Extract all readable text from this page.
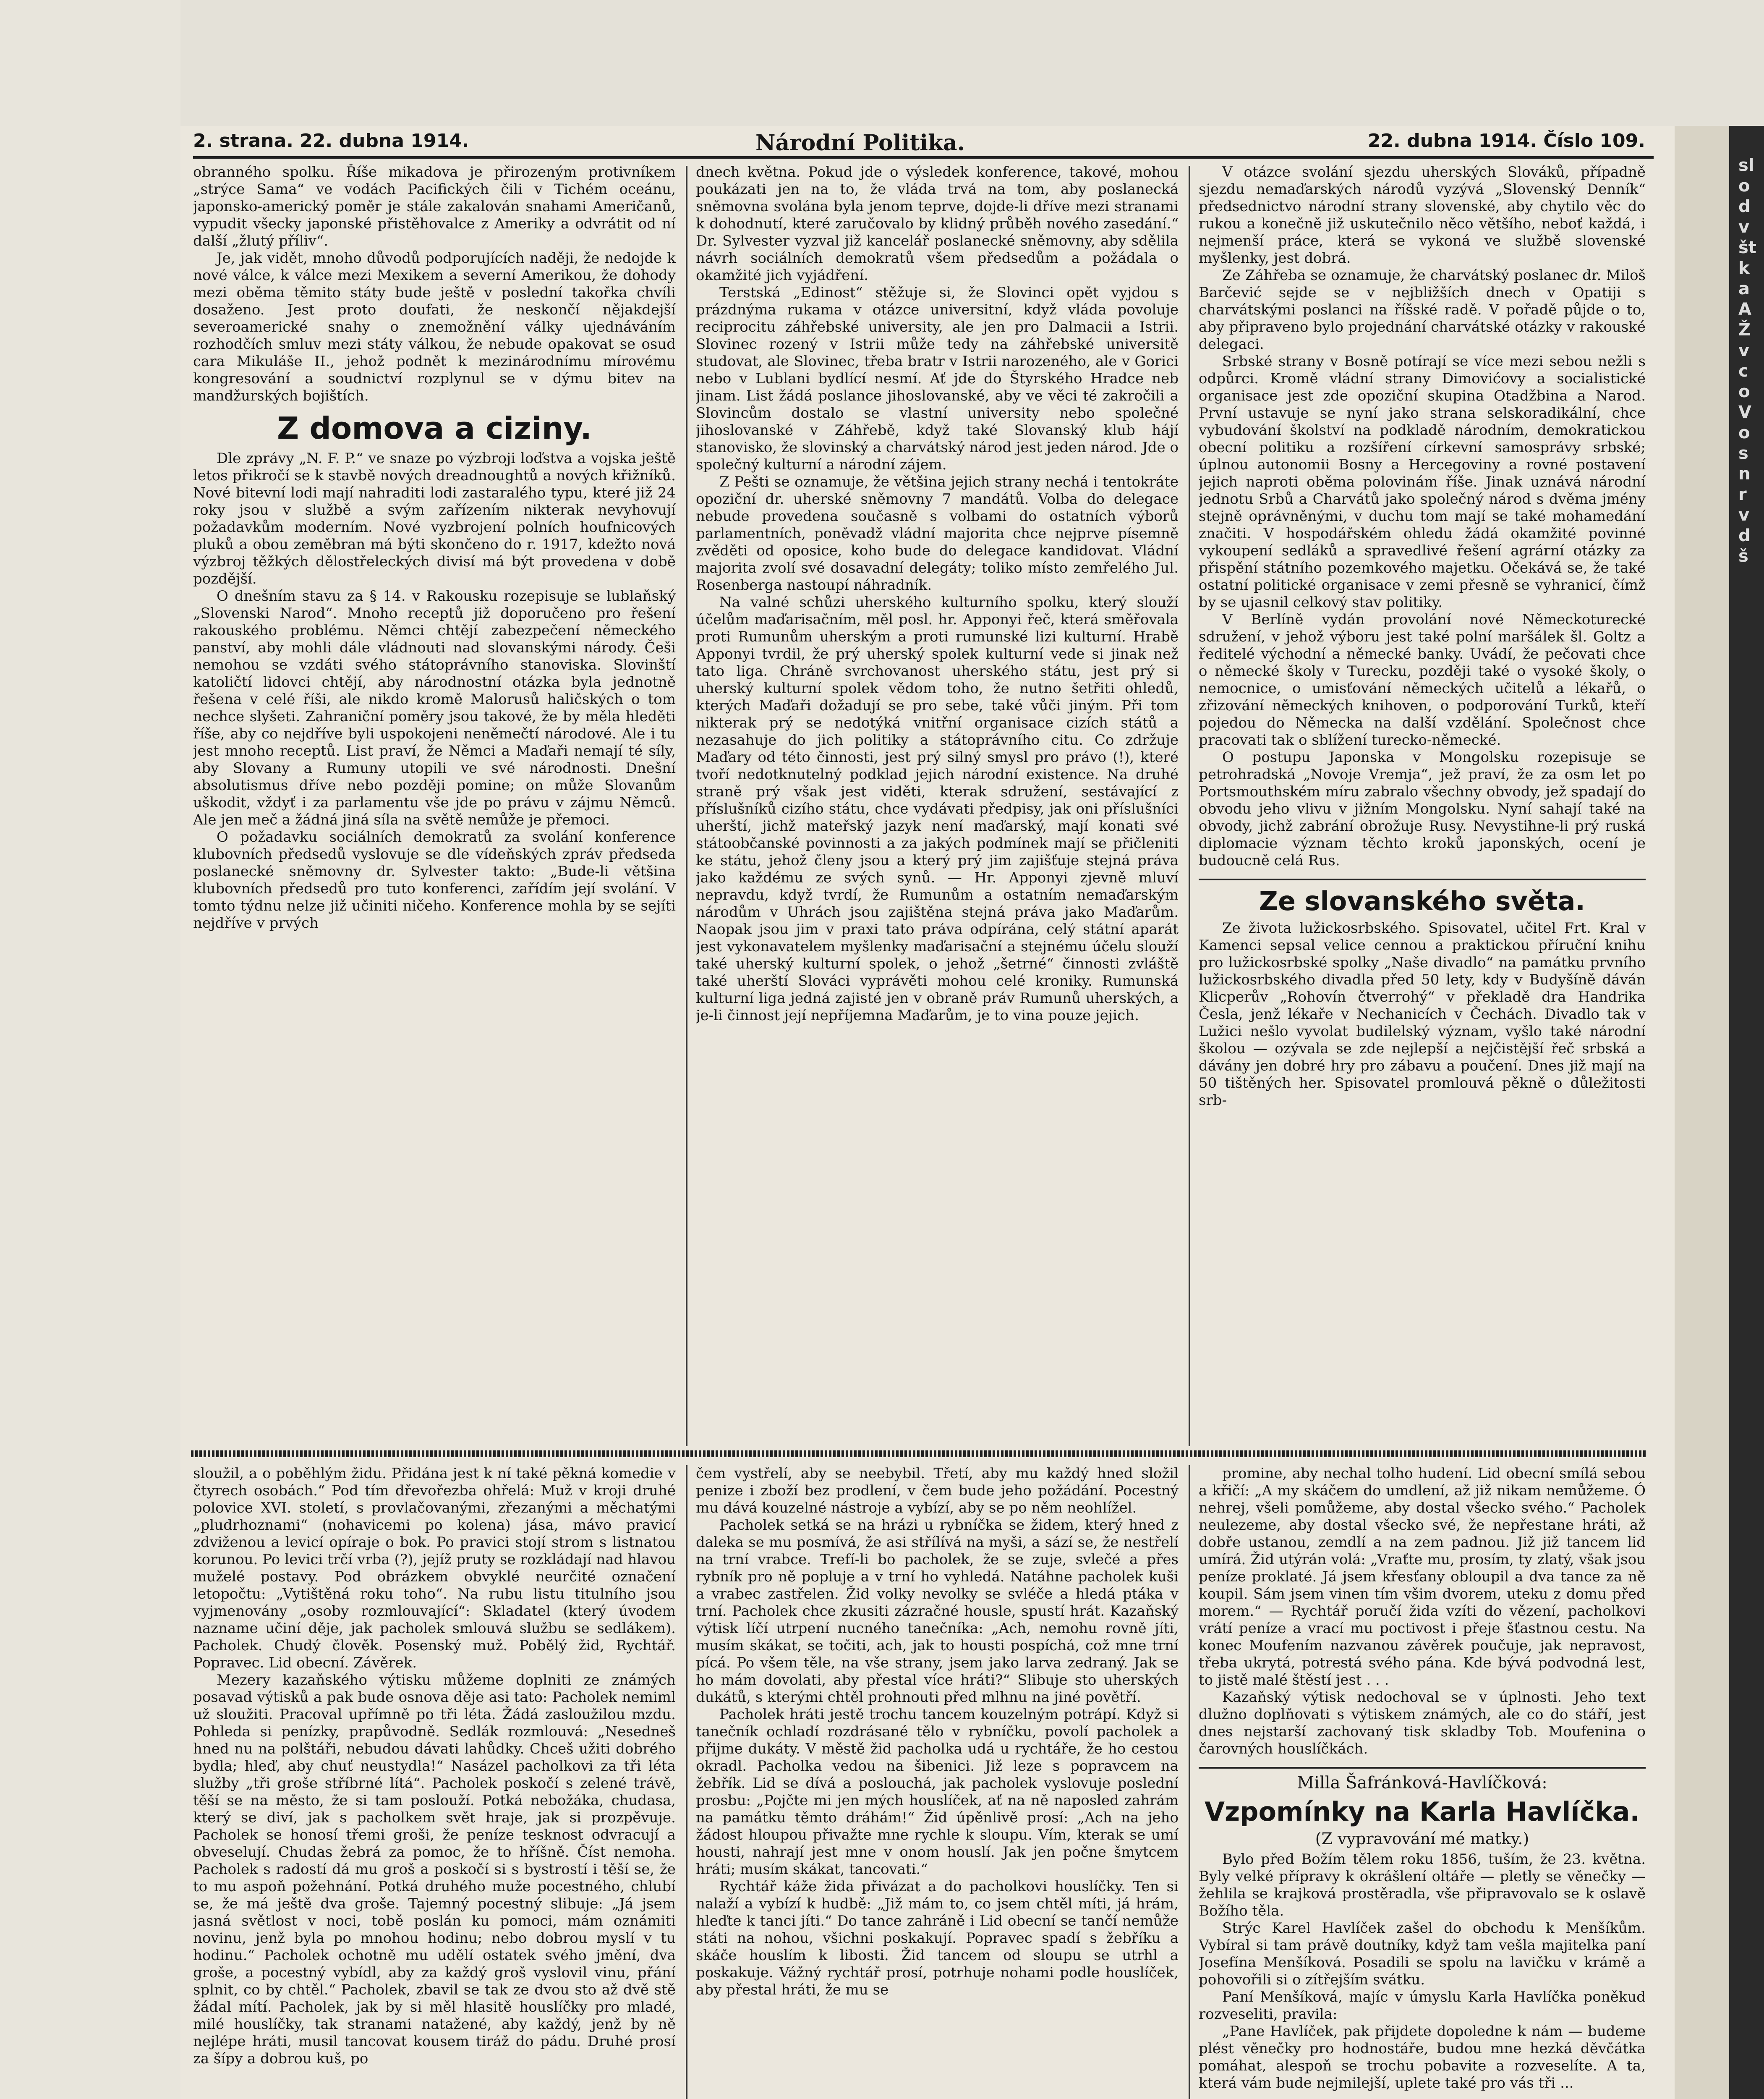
sl
o
d
v
št
k
a
A
Ž
v
c
o
V
o
s
n
r
v
d
š
2. strana. 22. dubna 1914.	Národní Politika.	22. dubna 1914. Číslo 109.

obranného spolku. Říše mikadova je přirozeným protivníkem „strýce Sama“ ve vodách Pacifických čili v Tichém oceánu, japonsko-americký poměr je stále zakalován snahami Američanů, vypudit všecky japonské přistěhovalce z Ameriky a odvrátit od ní další „žlutý příliv“.

Je, jak vidět, mnoho důvodů podporujících naději, že nedojde k nové válce, k válce mezi Mexikem a severní Amerikou, že dohody mezi oběma těmito státy bude ještě v poslední takořka chvíli dosaženo. Jest proto doufati, že neskončí nějakdejší severoamerické snahy o znemožnění války ujednáváním rozhodčích smluv mezi státy válkou, že nebude opakovat se osud cara Mikuláše II., jehož podnět k mezinárodnímu mírovému kongresování a soudnictví rozplynul se v dýmu bitev na mandžurských bojištích.

Z domova a ciziny.

Dle zprávy „N. F. P.“ ve snaze po výzbroji loďstva a vojska ještě letos přikročí se k stavbě nových dreadnoughtů a nových křižníků. Nové bitevní lodi mají nahraditi lodi zastaralého typu, které již 24 roky jsou v službě a svým zařízením nikterak nevyhovují požadavkům moderním. Nové vyzbrojení polních houfnicových pluků a obou zeměbran má býti skončeno do r. 1917, kdežto nová výzbroj těžkých dělostřeleckých divisí má být provedena v době pozdější.

O dnešním stavu za § 14. v Rakousku rozepisuje se lublaňský „Slovenski Narod“. Mnoho receptů již doporučeno pro řešení rakouského problému. Němci chtějí zabezpečení německého panství, aby mohli dále vládnouti nad slovanskými národy. Češi nemohou se vzdáti svého státoprávního stanoviska. Slovinští katoličtí lidovci chtějí, aby národnostní otázka byla jednotně řešena v celé říši, ale nikdo kromě Malorusů haličských o tom nechce slyšeti. Zahraniční poměry jsou takové, že by měla hleděti říše, aby co nejdříve byli uspokojeni neněmečtí národové. Ale i tu jest mnoho receptů. List praví, že Němci a Maďaři nemají té síly, aby Slovany a Rumuny utopili ve své národnosti. Dnešní absolutismus dříve nebo později pomine; on může Slovanům uškodit, vždyť i za parlamentu vše jde po právu v zájmu Němců. Ale jen meč a žádná jiná síla na světě nemůže je přemoci.

O požadavku sociálních demokratů za svolání konference klubovních předsedů vyslovuje se dle vídeňských zpráv předseda poslanecké sněmovny dr. Sylvester takto: „Bude-li většina klubovních předsedů pro tuto konferenci, zařídím její svolání. V tomto týdnu nelze již učiniti ničeho. Konference mohla by se sejíti nejdříve v prvých

dnech května. Pokud jde o výsledek konference, takové, mohou poukázati jen na to, že vláda trvá na tom, aby poslanecká sněmovna svolána byla jenom teprve, dojde-li dříve mezi stranami k dohodnutí, které zaručovalo by klidný průběh nového zasedání.“ Dr. Sylvester vyzval již kancelář poslanecké sněmovny, aby sdělila návrh sociálních demokratů všem předsedům a požádala o okamžité jich vyjádření.

Terstská „Edinost“ stěžuje si, že Slovinci opět vyjdou s prázdnýma rukama v otázce universitní, když vláda povoluje reciprocitu záhřebské university, ale jen pro Dalmacii a Istrii. Slovinec rozený v Istrii může tedy na záhřebské universitě studovat, ale Slovinec, třeba bratr v Istrii narozeného, ale v Gorici nebo v Lublani bydlící nesmí. Ať jde do Štyrského Hradce neb jinam. List žádá poslance jihoslovanské, aby ve věci té zakročili a Slovincům dostalo se vlastní university nebo společné jihoslovanské v Záhřebě, když také Slovanský klub hájí stanovisko, že slovinský a charvátský národ jest jeden národ. Jde o společný kulturní a národní zájem.

Z Pešti se oznamuje, že většina jejich strany nechá i tentokráte opoziční dr. uherské sněmovny 7 mandátů. Volba do delegace nebude provedena současně s volbami do ostatních výborů parlamentních, poněvadž vládní majorita chce nejprve písemně zvěděti od oposice, koho bude do delegace kandidovat. Vládní majorita zvolí své dosavadní delegáty; toliko místo zemřelého Jul. Rosenberga nastoupí náhradník.

Na valné schůzi uherského kulturního spolku, který slouží účelům maďarisačním, měl posl. hr. Apponyi řeč, která směřovala proti Rumunům uherským a proti rumunské lizi kulturní. Hrabě Apponyi tvrdil, že prý uherský spolek kulturní vede si jinak než tato liga. Chráně svrchovanost uherského státu, jest prý si uherský kulturní spolek vědom toho, že nutno šetřiti ohledů, kterých Maďaři dožadují se pro sebe, také vůči jiným. Při tom nikterak prý se nedotýká vnitřní organisace cizích států a nezasahuje do jich politiky a státoprávního citu. Co zdržuje Maďary od této činnosti, jest prý silný smysl pro právo (!), které tvoří nedotknutelný podklad jejich národní existence. Na druhé straně prý však jest viděti, kterak sdružení, sestávající z příslušníků cizího státu, chce vydávati předpisy, jak oni příslušníci uherští, jichž mateřský jazyk není maďarský, mají konati své státoobčanské povinnosti a za jakých podmínek mají se přičleniti ke státu, jehož členy jsou a který prý jim zajišťuje stejná práva jako každému ze svých synů. — Hr. Apponyi zjevně mluví nepravdu, když tvrdí, že Rumunům a ostatním nemaďarským národům v Uhrách jsou zajištěna stejná práva jako Maďarům. Naopak jsou jim v praxi tato práva odpírána, celý státní aparát jest vykonavatelem myšlenky maďarisační a stejnému účelu slouží také uherský kulturní spolek, o jehož „šetrné“ činnosti zvláště také uherští Slováci vyprávěti mohou celé kroniky. Rumunská kulturní liga jedná zajisté jen v obraně práv Rumunů uherských, a je-li činnost její nepříjemna Maďarům, je to vina pouze jejich.

V otázce svolání sjezdu uherských Slováků, případně sjezdu nemaďarských národů vyzývá „Slovenský Denník“ předsednictvo národní strany slovenské, aby chytilo věc do rukou a konečně již uskutečnilo něco většího, neboť každá, i nejmenší práce, která se vykoná ve službě slovenské myšlenky, jest dobrá.

Ze Záhřeba se oznamuje, že charvátský poslanec dr. Miloš Barčević sejde se v nejbližších dnech v Opatiji s charvátskými poslanci na říšské radě. V pořadě půjde o to, aby připraveno bylo projednání charvátské otázky v rakouské delegaci.

Srbské strany v Bosně potírají se více mezi sebou nežli s odpůrci. Kromě vládní strany Dimovićovy a socialistické organisace jest zde opoziční skupina Otadžbina a Narod. První ustavuje se nyní jako strana selskoradikální, chce vybudování školství na podkladě národním, demokratickou obecní politiku a rozšíření církevní samosprávy srbské; úplnou autonomii Bosny a Hercegoviny a rovné postavení jejich naproti oběma polovinám říše. Jinak uznává národní jednotu Srbů a Charvátů jako společný národ s dvěma jmény stejně oprávněnými, v duchu tom mají se také mohamedání značiti. V hospodářském ohledu žádá okamžité povinné vykoupení sedláků a spravedlivé řešení agrární otázky za přispění státního pozemkového majetku. Očekává se, že také ostatní politické organisace v zemi přesně se vyhranicí, čímž by se ujasnil celkový stav politiky.

V Berlíně vydán provolání nové Německoturecké sdružení, v jehož výboru jest také polní maršálek šl. Goltz a ředitelé východní a německé banky. Uvádí, že pečovati chce o německé školy v Turecku, později také o vysoké školy, o nemocnice, o umisťování německých učitelů a lékařů, o zřizování německých knihoven, o podporování Turků, kteří pojedou do Německa na další vzdělání. Společnost chce pracovati tak o sblížení turecko-německé.

O postupu Japonska v Mongolsku rozepisuje se petrohradská „Novoje Vremja“, jež praví, že za osm let po Portsmouthském míru zabralo všechny obvody, jež spadají do obvodu jeho vlivu v jižním Mongolsku. Nyní sahají také na obvody, jichž zabrání obrožuje Rusy. Nevystihne-li prý ruská diplomacie význam těchto kroků japonských, ocení je budoucně celá Rus.

Ze slovanského světa.

Ze života lužickosrbského. Spisovatel, učitel Frt. Kral v Kamenci sepsal velice cennou a praktickou příruční knihu pro lužickosrbské spolky „Naše divadlo“ na památku prvního lužickosrbského divadla před 50 lety, kdy v Budyšíně dáván Klicperův „Rohovín čtverrohý“ v překladě dra Handrika Česla, jenž lékaře v Nechanicích v Čechách. Divadlo tak v Lužici nešlo vyvolat budilelský význam, vyšlo také národní školou — ozývala se zde nejlepší a nejčistější řeč srbská a dávány jen dobré hry pro zábavu a poučení. Dnes již mají na 50 tištěných her. Spisovatel promlouvá pěkně o důležitosti srb-

sloužil, a o poběhlým židu. Přidána jest k ní také pěkná komedie v čtyrech osobách.“ Pod tím dřevořezba ohřelá: Muž v kroji druhé polovice XVI. století, s provlačovanými, zřezanými a měchatými „pludrhoznami“ (nohavicemi po kolena) jása, mávo pravicí zdviženou a levicí opíraje o bok. Po pravici stojí strom s listnatou korunou. Po levici trčí vrba (?), jejíž pruty se rozkládají nad hlavou muželé postavy. Pod obrázkem obvyklé neurčité označení letopočtu: „Vytištěná roku toho“. Na rubu listu titulního jsou vyjmenovány „osoby rozmlouvající“: Skladatel (který úvodem nazname učiní děje, jak pacholek smlouvá službu se sedlákem). Pacholek. Chudý člověk. Posenský muž. Pobělý žid, Rychtář. Popravec. Lid obecní. Závěrek.

Mezery kazaňského výtisku můžeme doplniti ze známých posavad výtisků a pak bude osnova děje asi tato: Pacholek nemiml už sloužiti. Pracoval upřímně po tři léta. Žádá zasloužilou mzdu. Pohleda si penízky, prapůvodně. Sedlák rozmlouvá: „Nesedneš hned nu na polštáři, nebudou dávati lahůdky. Chceš užiti dobrého bydla; hleď, aby chuť neustydla!“ Nasázel pacholkovi za tři léta služby „tři groše stříbrné lítá“. Pacholek poskočí s zelené trávě, těší se na město, že si tam poslouží. Potká nebožáka, chudasa, který se diví, jak s pacholkem svět hraje, jak si prozpěvuje. Pacholek se honosí třemi groši, že peníze tesknost odvracují a obveselují. Chudas žebrá za pomoc, že to hříšně. Číst nemoha. Pacholek s radostí dá mu groš a poskočí si s bystrostí i těší se, že to mu aspoň požehnání. Potká druhého muže pocestného, chlubí se, že má ještě dva groše. Tajemný pocestný slibuje: „Já jsem jasná světlost v noci, tobě poslán ku pomoci, mám oznámiti novinu, jenž byla po mnohou hodinu; nebo dobrou myslí v tu hodinu.“ Pacholek ochotně mu udělí ostatek svého jmění, dva groše, a pocestný vybídl, aby za každý groš vyslovil vinu, přání splnit, co by chtěl.“ Pacholek, zbavil se tak ze dvou sto až dvě stě žádal mítí. Pacholek, jak by si měl hlasitě houslíčky pro mladé, milé houslíčky, tak stranami natažené, aby každý, jenž by ně nejlépe hráti, musil tancovat kousem tiráž do pádu. Druhé prosí za šípy a dobrou kuš, po

čem vystřelí, aby se neebybil. Třetí, aby mu každý hned složil penize i zboží bez prodlení, v čem bude jeho požádání. Pocestný mu dává kouzelné nástroje a vybízí, aby se po něm neohlížel.

Pacholek setká se na hrázi u rybníčka se židem, který hned z daleka se mu posmívá, že asi střílívá na myši, a sází se, že nestřelí na trní vrabce. Trefí-li bo pacholek, že se zuje, svlečé a přes rybník pro ně popluje a v trní ho vyhledá. Natáhne pacholek kuši a vrabec zastřelen. Žid volky nevolky se svléče a hledá ptáka v trní. Pacholek chce zkusiti zázračné housle, spustí hrát. Kazaňský výtisk líčí utrpení nucného tanečníka: „Ach, nemohu rovně jíti, musím skákat, se točiti, ach, jak to housti pospíchá, což mne trní pícá. Po všem těle, na vše strany, jsem jako larva zedraný. Jak se ho mám dovolati, aby přestal více hráti?“ Slibuje sto uherských dukátů, s kterými chtěl prohnouti před mlhnu na jiné povětří.

Pacholek hráti jestě trochu tancem kouzelným potrápí. Když si tanečník ochladí rozdrásané tělo v rybníčku, povolí pacholek a přijme dukáty. V městě žid pacholka udá u rychtáře, že ho cestou okradl. Pacholka vedou na šibenici. Již leze s popravcem na žebřík. Lid se dívá a poslouchá, jak pacholek vyslovuje poslední prosbu: „Pojčte mi jen mých houslíček, ať na ně naposled zahrám na památku těmto dráhám!“ Žid úpěnlivě prosí: „Ach na jeho žádost hloupou přivažte mne rychle k sloupu. Vím, kterak se umí housti, nahrají jest mne v onom houslí. Jak jen počne šmytcem hráti; musím skákat, tancovati.“

Rychtář káže žida přivázat a do pacholkovi houslíčky. Ten si nalaží a vybízí k hudbě: „Již mám to, co jsem chtěl míti, já hrám, hleďte k tanci jíti.“ Do tance zahráně i Lid obecní se tančí nemůže státi na nohou, všichni poskakují. Popravec spadí s žebříku a skáče houslím k libosti. Žid tancem od sloupu se utrhl a poskakuje. Vážný rychtář prosí, potrhuje nohami podle houslíček, aby přestal hráti, že mu se

promine, aby nechal tolho hudení. Lid obecní smílá sebou a křičí: „A my skáčem do umdlení, až již nikam nemůžeme. Ó nehrej, všeli pomůžeme, aby dostal všecko svého.“ Pacholek neulezeme, aby dostal všecko své, že nepřestane hráti, až dobře ustanou, zemdlí a na zem padnou. Již již tancem lid umírá. Žid utýrán volá: „Vraťte mu, prosím, ty zlatý, však jsou peníze proklaté. Já jsem křesťany obloupil a dva tance za ně koupil. Sám jsem vinen tím všim dvorem, uteku z domu před morem.“ — Rychtář poručí žida vzíti do vězení, pacholkovi vrátí peníze a vrací mu poctivost i přeje šťastnou cestu. Na konec Moufením nazvanou závěrek poučuje, jak nepravost, třeba ukrytá, potrestá svého pána. Kde bývá podvodná lest, to jistě malé štěstí jest . . .

Kazaňský výtisk nedochoval se v úplnosti. Jeho text dlužno doplňovati s výtiskem známých, ale co do stáří, jest dnes nejstarší zachovaný tisk skladby Tob. Moufenina o čarovných houslíčkách.

Milla Šafránková-Havlíčková:
Vzpomínky na Karla Havlíčka.
(Z vypravování mé matky.)

Bylo před Božím tělem roku 1856, tuším, že 23. května. Byly velké přípravy k okrášlení oltáře — pletly se věnečky — žehlila se krajková prostěradla, vše připravovalo se k oslavě Božího těla.

Strýc Karel Havlíček zašel do obchodu k Menšíkům. Vybíral si tam právě doutníky, když tam vešla majitelka paní Josefína Menšíková. Posadili se spolu na lavičku v krámě a pohovořili si o zítřejším svátku.

Paní Menšíková, majíc v úmyslu Karla Havlíčka poněkud rozveseliti, pravila:

„Pane Havlíček, pak přijdete dopoledne k nám — budeme plést věnečky pro hodnostáře, budou mne hezká děvčátka pomáhat, alespoň se trochu pobavite a rozveselíte. A ta, která vám bude nejmilejší, uplete také pro vás tři ...
